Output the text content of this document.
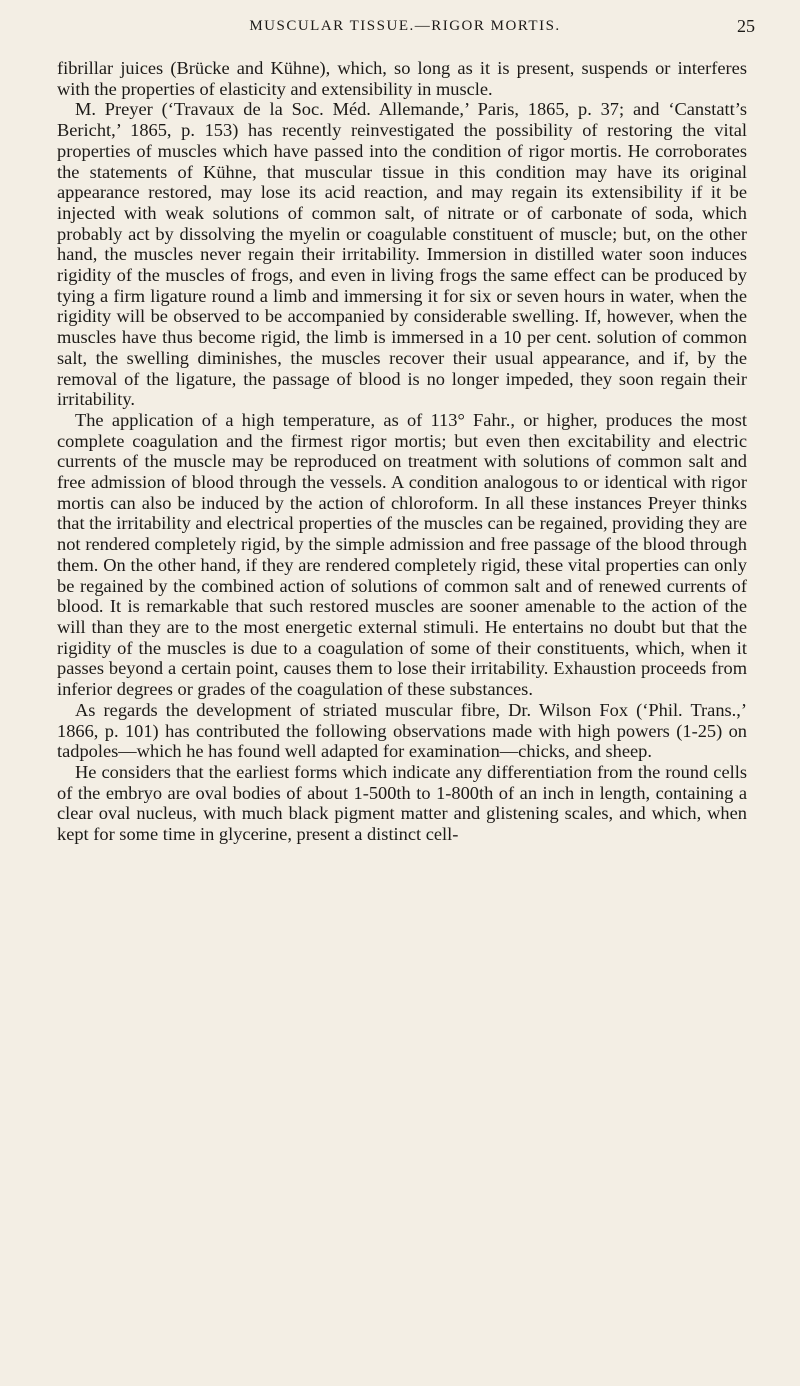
MUSCULAR TISSUE.—RIGOR MORTIS.	25

fibrillar juices (Brücke and Kühne), which, so long as it is present, suspends or interferes with the properties of elasticity and extensibility in muscle.

M. Preyer (‘Travaux de la Soc. Méd. Allemande,’ Paris, 1865, p. 37; and ‘Canstatt’s Bericht,’ 1865, p. 153) has recently reinvestigated the possibility of restoring the vital properties of muscles which have passed into the condition of rigor mortis. He corroborates the statements of Kühne, that muscular tissue in this condition may have its original appearance restored, may lose its acid reaction, and may regain its extensibility if it be injected with weak solutions of common salt, of nitrate or of carbonate of soda, which probably act by dissolving the myelin or coagulable constituent of muscle; but, on the other hand, the muscles never regain their irritability. Immersion in distilled water soon induces rigidity of the muscles of frogs, and even in living frogs the same effect can be produced by tying a firm ligature round a limb and immersing it for six or seven hours in water, when the rigidity will be observed to be accompanied by considerable swelling. If, however, when the muscles have thus become rigid, the limb is immersed in a 10 per cent. solution of common salt, the swelling diminishes, the muscles recover their usual appearance, and if, by the removal of the ligature, the passage of blood is no longer impeded, they soon regain their irritability.

The application of a high temperature, as of 113° Fahr., or higher, produces the most complete coagulation and the firmest rigor mortis; but even then excitability and electric currents of the muscle may be reproduced on treatment with solutions of common salt and free admission of blood through the vessels. A condition analogous to or identical with rigor mortis can also be induced by the action of chloroform. In all these instances Preyer thinks that the irritability and electrical properties of the muscles can be regained, providing they are not rendered completely rigid, by the simple admission and free passage of the blood through them. On the other hand, if they are rendered completely rigid, these vital properties can only be regained by the combined action of solutions of common salt and of renewed currents of blood. It is remarkable that such restored muscles are sooner amenable to the action of the will than they are to the most energetic external stimuli. He entertains no doubt but that the rigidity of the muscles is due to a coagulation of some of their constituents, which, when it passes beyond a certain point, causes them to lose their irritability. Exhaustion proceeds from inferior degrees or grades of the coagulation of these substances.

As regards the development of striated muscular fibre, Dr. Wilson Fox (‘Phil. Trans.,’ 1866, p. 101) has contributed the following observations made with high powers (1-25) on tadpoles—which he has found well adapted for examination—chicks, and sheep.

He considers that the earliest forms which indicate any differentiation from the round cells of the embryo are oval bodies of about 1-500th to 1-800th of an inch in length, containing a clear oval nucleus, with much black pigment matter and glistening scales, and which, when kept for some time in glycerine, present a distinct cell-
